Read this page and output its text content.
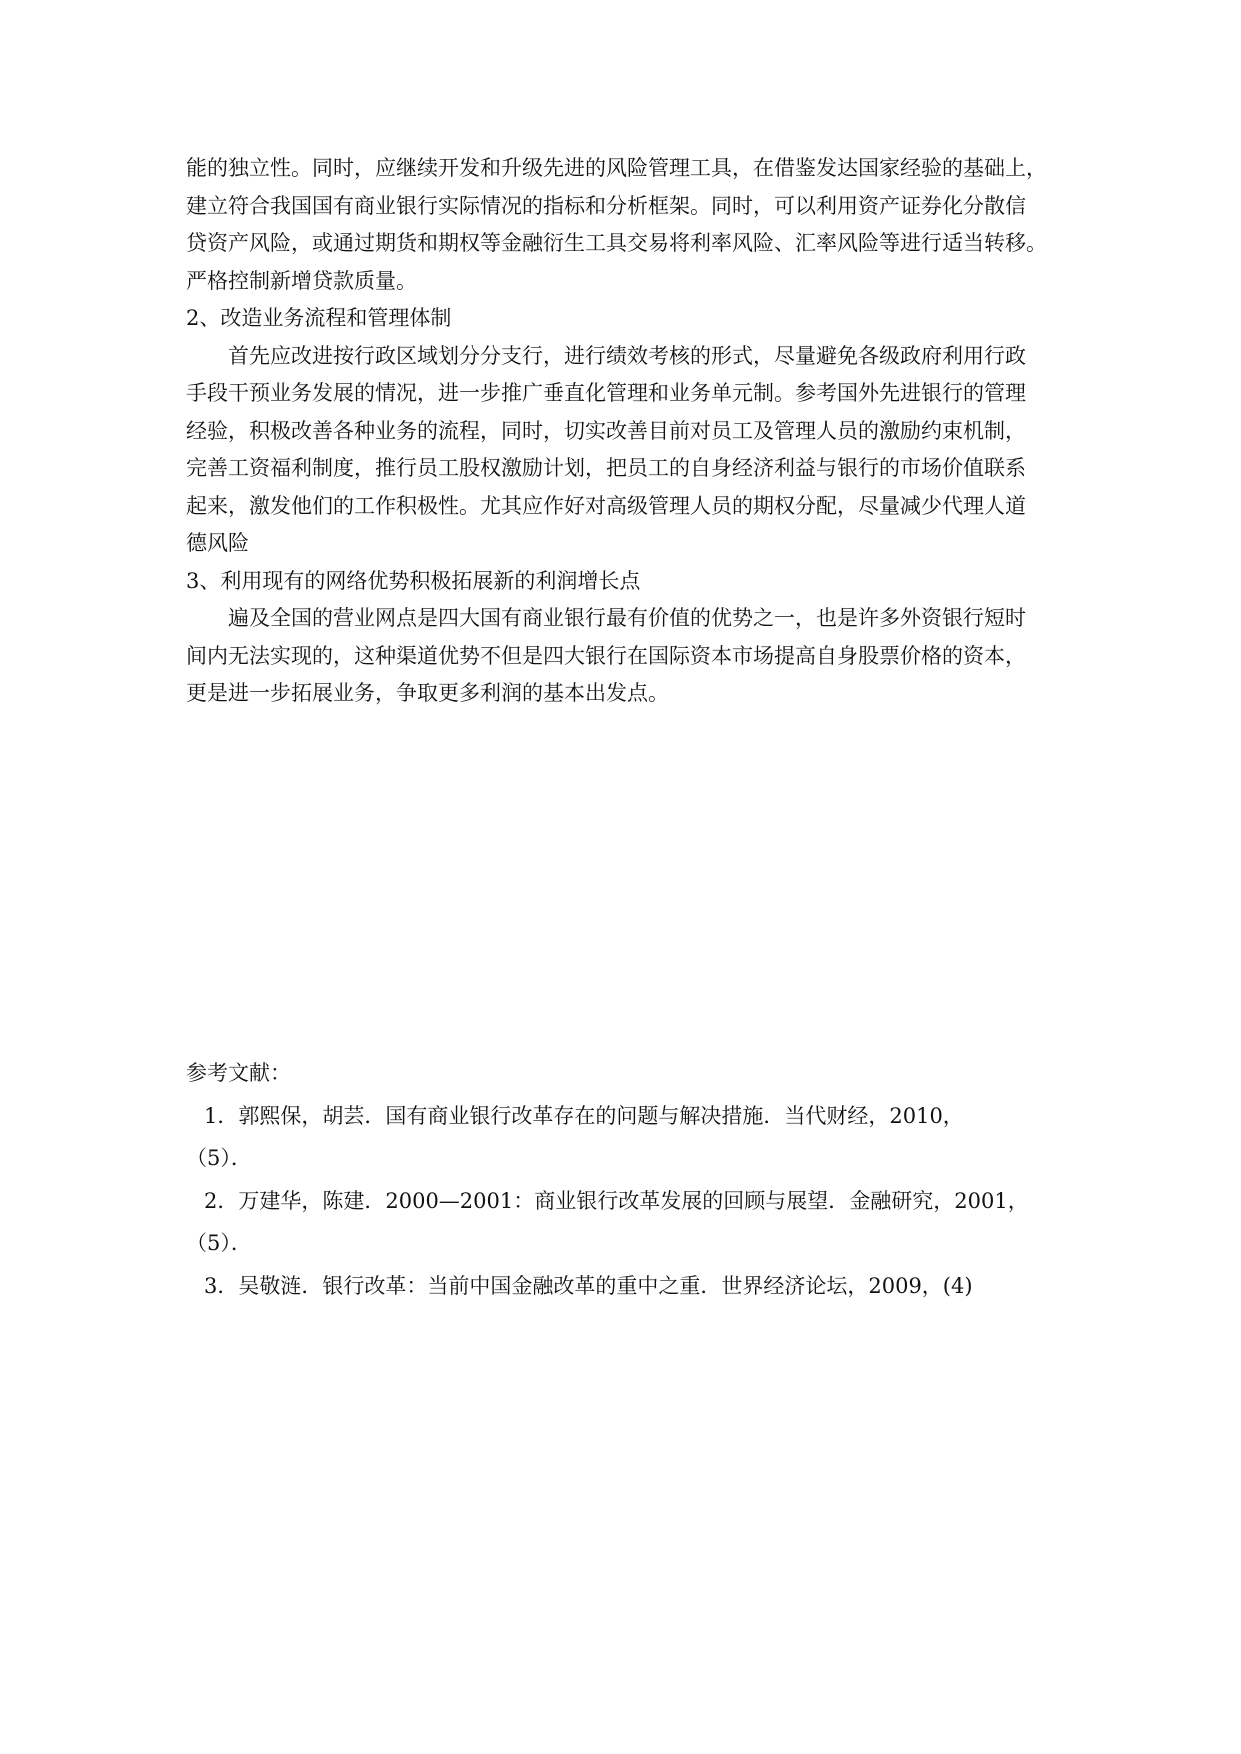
能的独立性。同时，应继续开发和升级先进的风险管理工具，在借鉴发达国家经验的基础上，
建立符合我国国有商业银行实际情况的指标和分析框架。同时，可以利用资产证券化分散信
贷资产风险，或通过期货和期权等金融衍生工具交易将利率风险、汇率风险等进行适当转移。
严格控制新增贷款质量。
2、改造业务流程和管理体制
首先应改进按行政区域划分分支行，进行绩效考核的形式，尽量避免各级政府利用行政
手段干预业务发展的情况，进一步推广垂直化管理和业务单元制。参考国外先进银行的管理
经验，积极改善各种业务的流程，同时，切实改善目前对员工及管理人员的激励约束机制，
完善工资福利制度，推行员工股权激励计划，把员工的自身经济利益与银行的市场价值联系
起来，激发他们的工作积极性。尤其应作好对高级管理人员的期权分配，尽量减少代理人道
德风险
3、利用现有的网络优势积极拓展新的利润增长点
遍及全国的营业网点是四大国有商业银行最有价值的优势之一，也是许多外资银行短时
间内无法实现的，这种渠道优势不但是四大银行在国际资本市场提高自身股票价格的资本，
更是进一步拓展业务，争取更多利润的基本出发点。
参考文献：
1．郭熙保，胡芸．国有商业银行改革存在的问题与解决措施．当代财经，2010，
（5）．
2．万建华，陈建．2000—2001：商业银行改革发展的回顾与展望．金融研究，2001，
（5）．
3．吴敬涟．银行改革：当前中国金融改革的重中之重．世界经济论坛，2009，(4)
